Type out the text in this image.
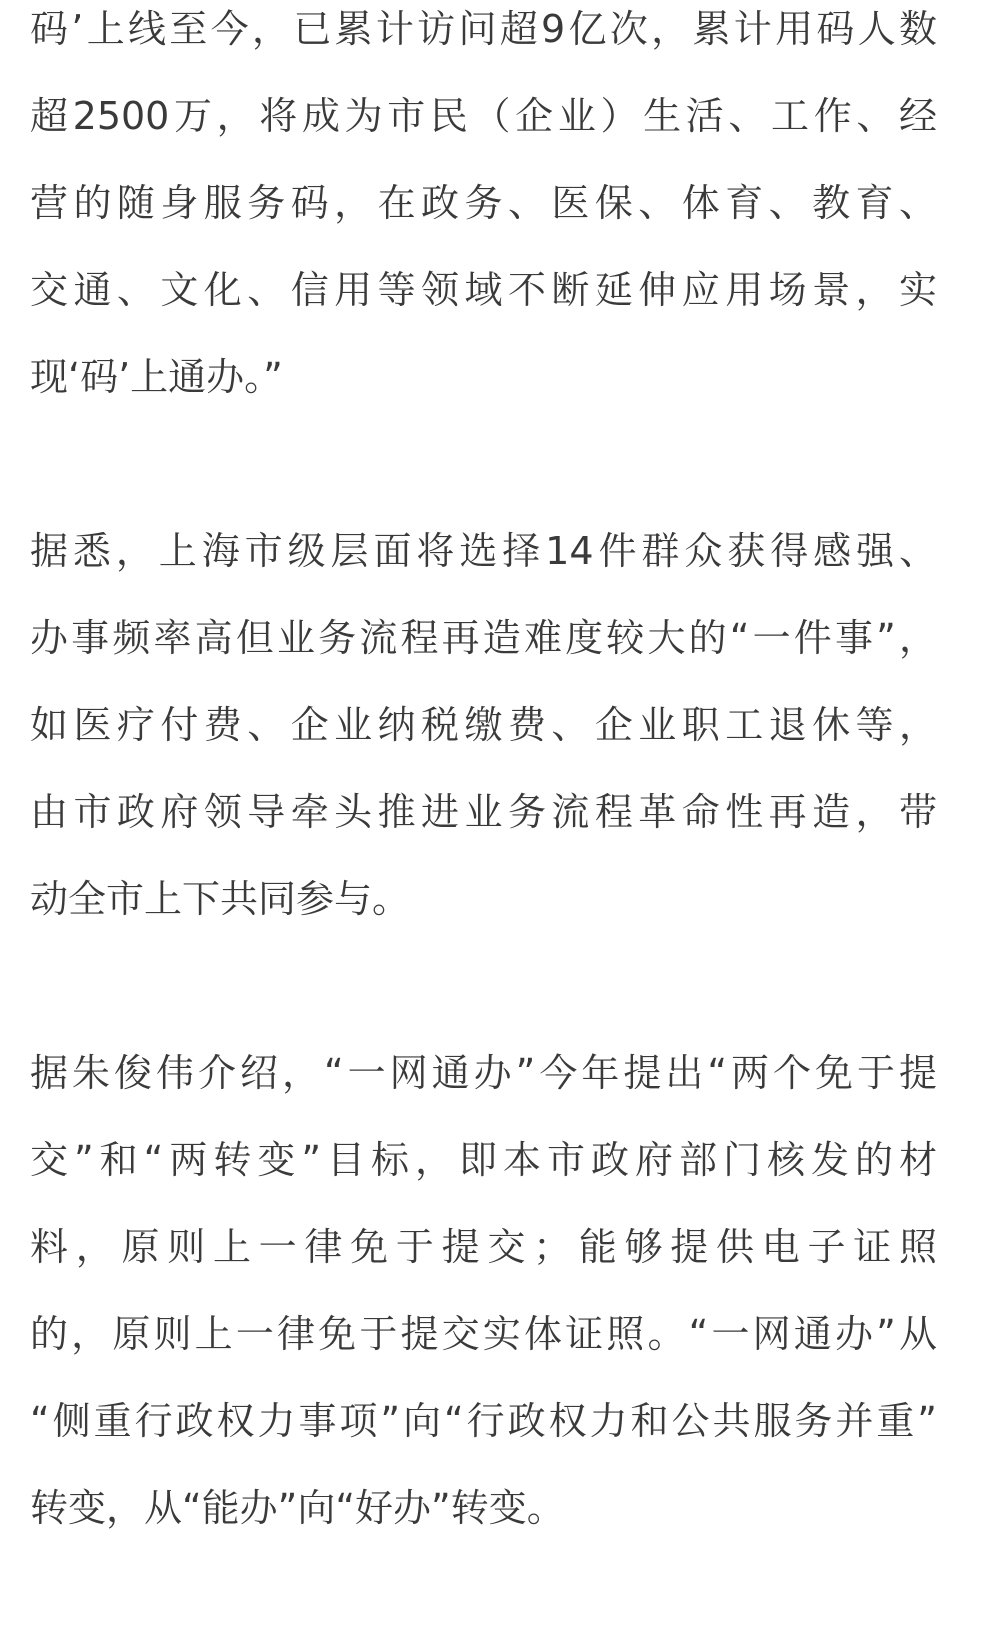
码’上线至今，已累计访问超9亿次，累计用码人数
超2500万，将成为市民（企业）生活、工作、经
营的随身服务码，在政务、医保、体育、教育、
交通、文化、信用等领域不断延伸应用场景，实
现‘码’上通办。”
据悉，上海市级层面将选择14件群众获得感强、
办事频率高但业务流程再造难度较大的“一件事”，
如医疗付费、企业纳税缴费、企业职工退休等，
由市政府领导牵头推进业务流程革命性再造，带
动全市上下共同参与。
据朱俊伟介绍，“一网通办”今年提出“两个免于提
交”和“两转变”目标，即本市政府部门核发的材
料，原则上一律免于提交；能够提供电子证照
的，原则上一律免于提交实体证照。“一网通办”从
“侧重行政权力事项”向“行政权力和公共服务并重”
转变，从“能办”向“好办”转变。
